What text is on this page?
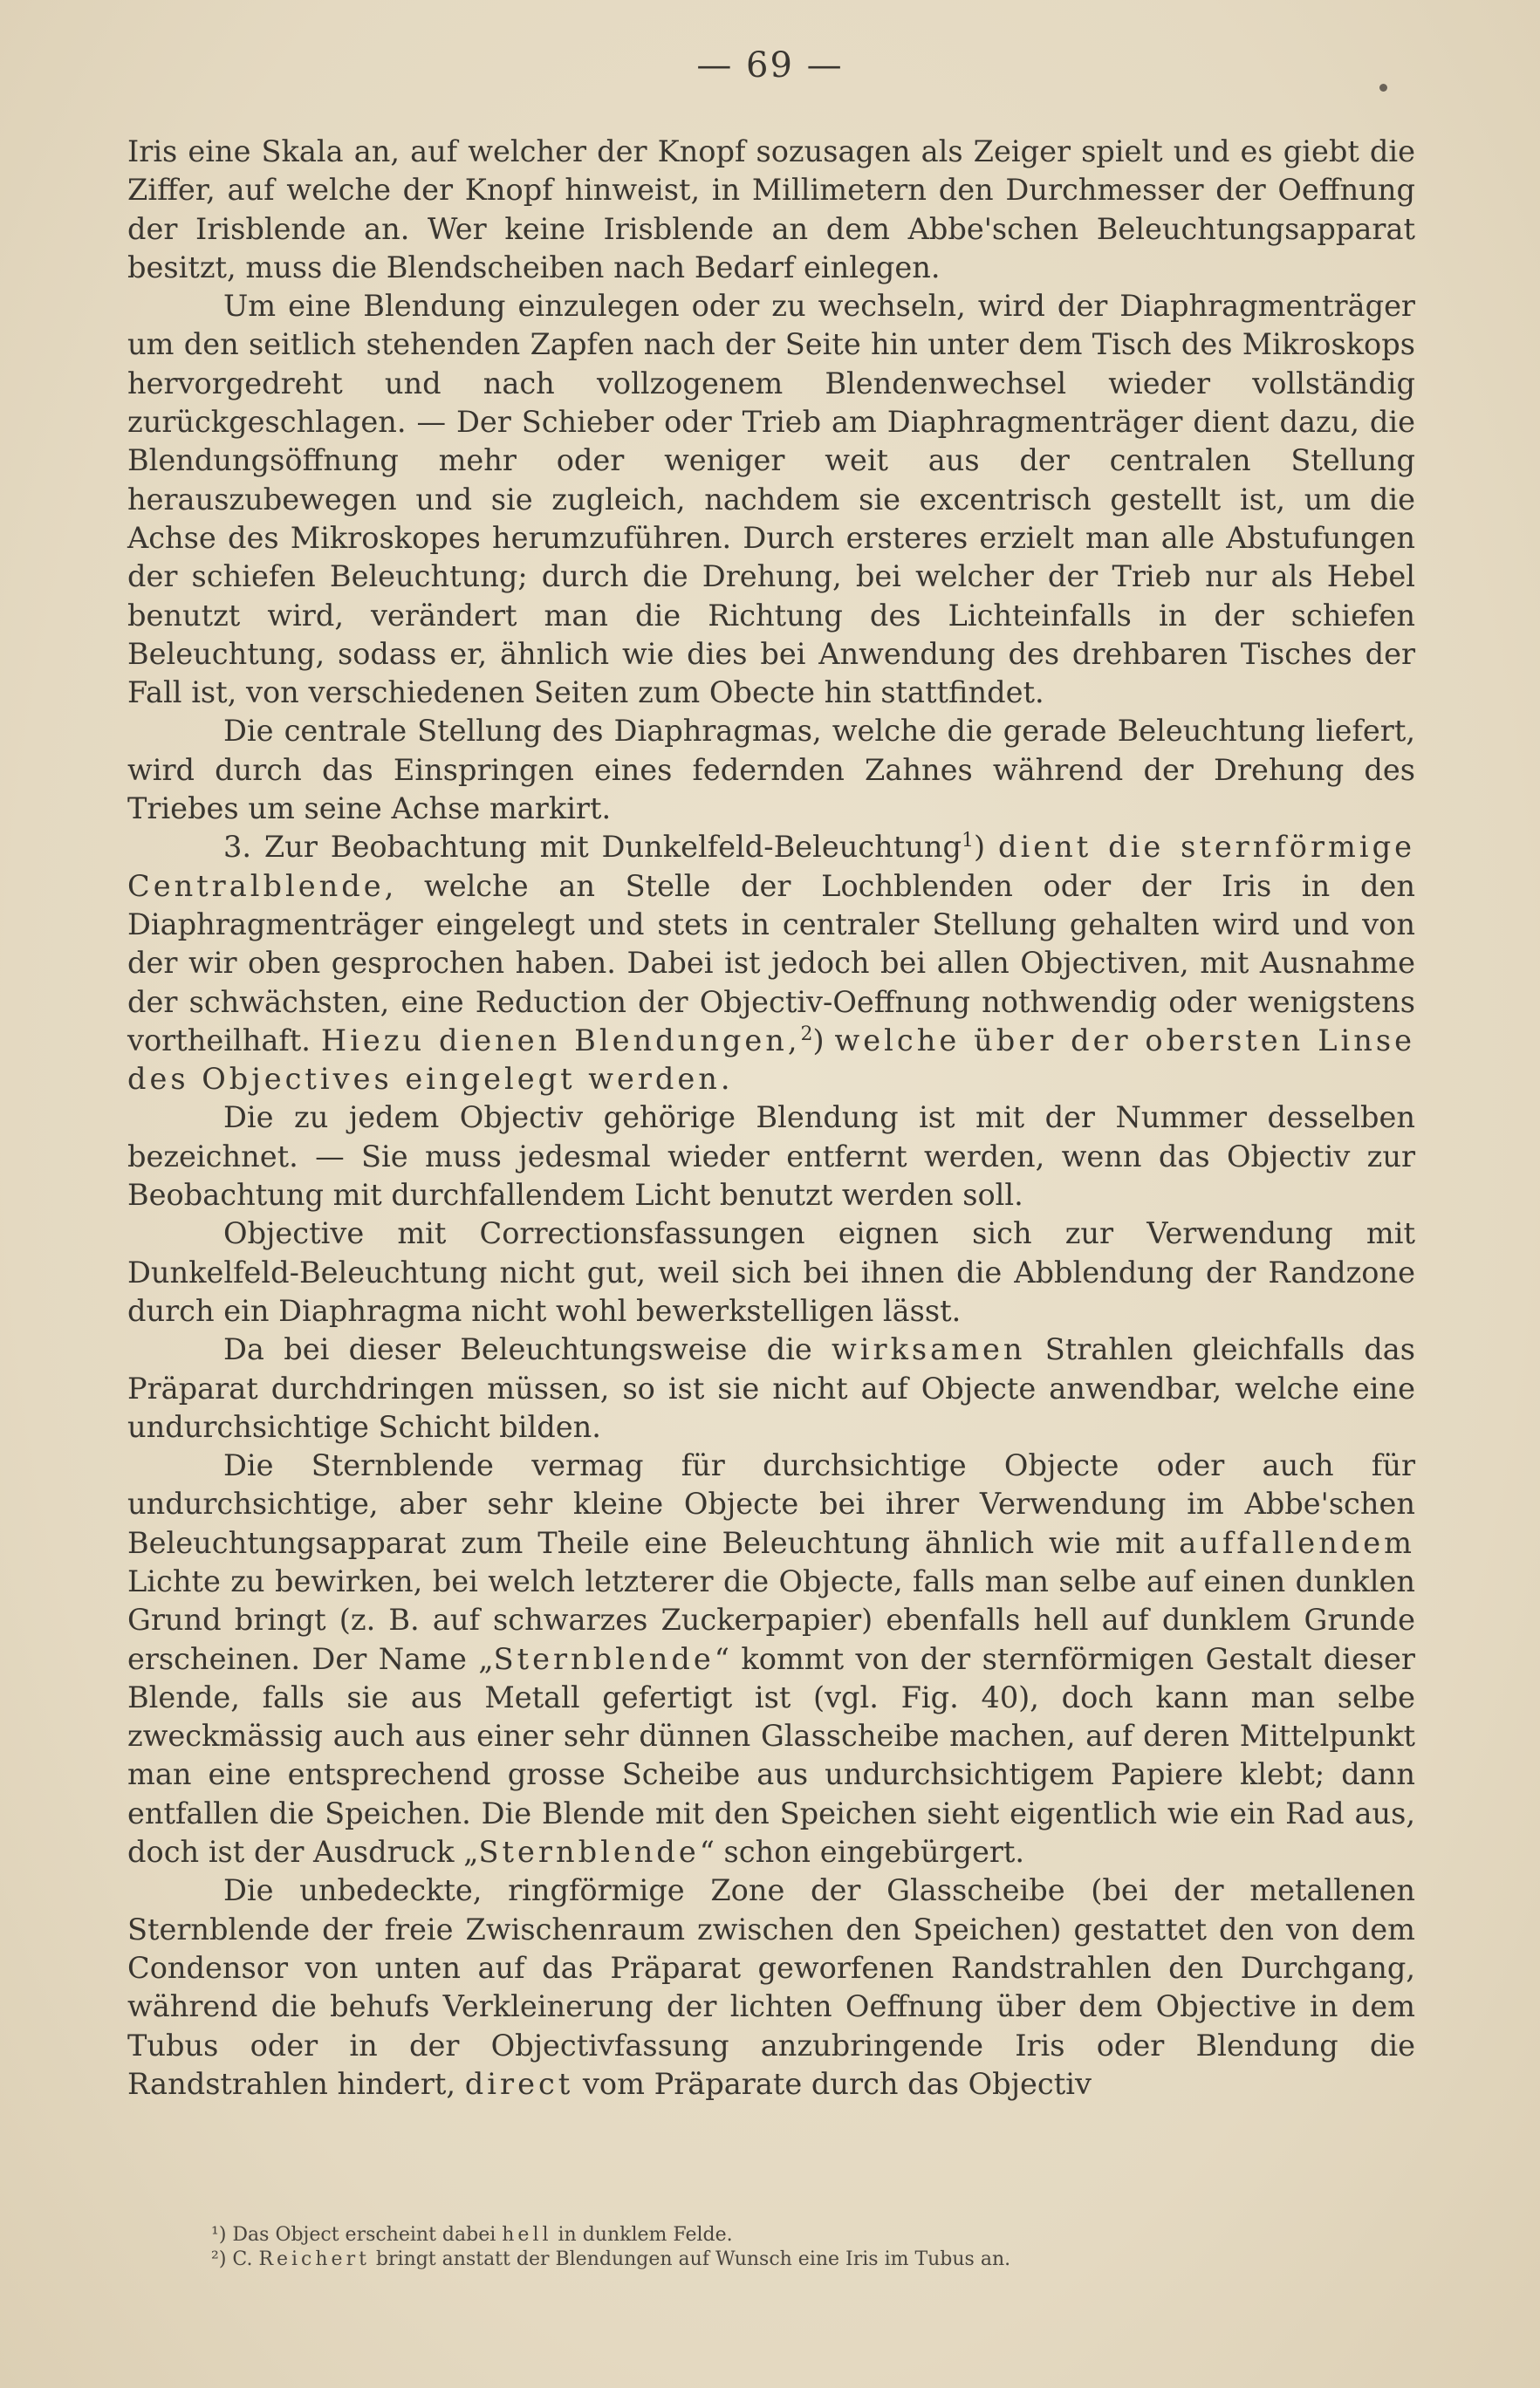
— 69 —

Iris eine Skala an, auf welcher der Knopf sozusagen als Zeiger spielt und es giebt die Ziffer, auf welche der Knopf hinweist, in Millimetern den Durchmesser der Oeffnung der Irisblende an. Wer keine Irisblende an dem Abbe'schen Beleuchtungsapparat besitzt, muss die Blendscheiben nach Bedarf einlegen.

Um eine Blendung einzulegen oder zu wechseln, wird der Diaphragmenträger um den seitlich stehenden Zapfen nach der Seite hin unter dem Tisch des Mikroskops hervorgedreht und nach vollzogenem Blendenwechsel wieder vollständig zurückgeschlagen. — Der Schieber oder Trieb am Diaphragmenträger dient dazu, die Blendungsöffnung mehr oder weniger weit aus der centralen Stellung herauszubewegen und sie zugleich, nachdem sie excentrisch gestellt ist, um die Achse des Mikroskopes herumzuführen. Durch ersteres erzielt man alle Abstufungen der schiefen Beleuchtung; durch die Drehung, bei welcher der Trieb nur als Hebel benutzt wird, verändert man die Richtung des Lichteinfalls in der schiefen Beleuchtung, sodass er, ähnlich wie dies bei Anwendung des drehbaren Tisches der Fall ist, von verschiedenen Seiten zum Obecte hin stattfindet.

Die centrale Stellung des Diaphragmas, welche die gerade Beleuchtung liefert, wird durch das Einspringen eines federnden Zahnes während der Drehung des Triebes um seine Achse markirt.

3. Zur Beobachtung mit Dunkelfeld-Beleuchtung$^1$) dient die sternförmige Centralblende, welche an Stelle der Lochblenden oder der Iris in den Diaphragmenträger eingelegt und stets in centraler Stellung gehalten wird und von der wir oben gesprochen haben. Dabei ist jedoch bei allen Objectiven, mit Ausnahme der schwächsten, eine Reduction der Objectiv-Oeffnung nothwendig oder wenigstens vortheilhaft. Hiezu dienen Blendungen,$^2$) welche über der obersten Linse des Objectives eingelegt werden.

Die zu jedem Objectiv gehörige Blendung ist mit der Nummer desselben bezeichnet. — Sie muss jedesmal wieder entfernt werden, wenn das Objectiv zur Beobachtung mit durchfallendem Licht benutzt werden soll.

Objective mit Correctionsfassungen eignen sich zur Verwendung mit Dunkelfeld-Beleuchtung nicht gut, weil sich bei ihnen die Abblendung der Randzone durch ein Diaphragma nicht wohl bewerkstelligen lässt.

Da bei dieser Beleuchtungsweise die wirksamen Strahlen gleichfalls das Präparat durchdringen müssen, so ist sie nicht auf Objecte anwendbar, welche eine undurchsichtige Schicht bilden.

Die Sternblende vermag für durchsichtige Objecte oder auch für undurchsichtige, aber sehr kleine Objecte bei ihrer Verwendung im Abbe'schen Beleuchtungsapparat zum Theile eine Beleuchtung ähnlich wie mit auffallendem Lichte zu bewirken, bei welch letzterer die Objecte, falls man selbe auf einen dunklen Grund bringt (z. B. auf schwarzes Zuckerpapier) ebenfalls hell auf dunklem Grunde erscheinen. Der Name „Sternblende“ kommt von der sternförmigen Gestalt dieser Blende, falls sie aus Metall gefertigt ist (vgl. Fig. 40), doch kann man selbe zweckmässig auch aus einer sehr dünnen Glasscheibe machen, auf deren Mittelpunkt man eine entsprechend grosse Scheibe aus undurchsichtigem Papiere klebt; dann entfallen die Speichen. Die Blende mit den Speichen sieht eigentlich wie ein Rad aus, doch ist der Ausdruck „Sternblende“ schon eingebürgert.

Die unbedeckte, ringförmige Zone der Glasscheibe (bei der metallenen Sternblende der freie Zwischenraum zwischen den Speichen) gestattet den von dem Condensor von unten auf das Präparat geworfenen Randstrahlen den Durchgang, während die behufs Verkleinerung der lichten Oeffnung über dem Objective in dem Tubus oder in der Objectivfassung anzubringende Iris oder Blendung die Randstrahlen hindert, direct vom Präparate durch das Objectiv

¹) Das Object erscheint dabei hell in dunklem Felde.

²) C. Reichert bringt anstatt der Blendungen auf Wunsch eine Iris im Tubus an.
